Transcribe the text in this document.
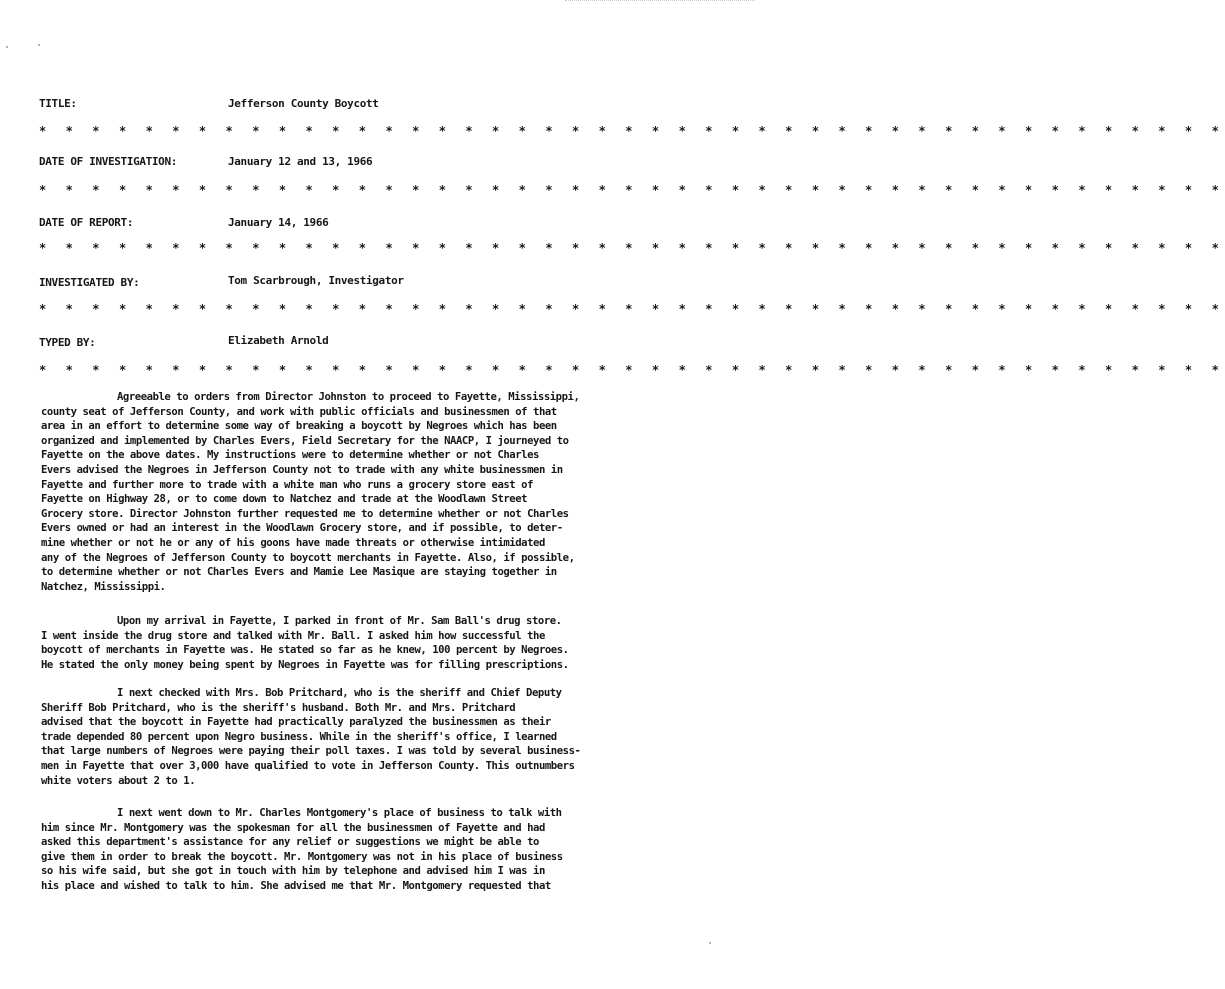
TITLE:	Jefferson County Boycott
* * * * * * * * * * * * * * * * * * * * * * * * * * * * * * * * * * * * * * * * * * * * *
DATE OF INVESTIGATION:	January 12 and 13, 1966
* * * * * * * * * * * * * * * * * * * * * * * * * * * * * * * * * * * * * * * * * * * * *
DATE OF REPORT:	January 14, 1966
* * * * * * * * * * * * * * * * * * * * * * * * * * * * * * * * * * * * * * * * * * * * *
INVESTIGATED BY:	Tom Scarbrough, Investigator
* * * * * * * * * * * * * * * * * * * * * * * * * * * * * * * * * * * * * * * * * * * * *
TYPED BY:	Elizabeth Arnold
* * * * * * * * * * * * * * * * * * * * * * * * * * * * * * * * * * * * * * * * * * * * *
Agreeable to orders from Director Johnston to proceed to Fayette, Mississippi,
county seat of Jefferson County, and work with public officials and businessmen of that
area in an effort to determine some way of breaking a boycott by Negroes which has been
organized and implemented by Charles Evers, Field Secretary for the NAACP, I journeyed to
Fayette on the above dates. My instructions were to determine whether or not Charles
Evers advised the Negroes in Jefferson County not to trade with any white businessmen in
Fayette and further more to trade with a white man who runs a grocery store east of
Fayette on Highway 28, or to come down to Natchez and trade at the Woodlawn Street
Grocery store. Director Johnston further requested me to determine whether or not Charles
Evers owned or had an interest in the Woodlawn Grocery store, and if possible, to deter-
mine whether or not he or any of his goons have made threats or otherwise intimidated
any of the Negroes of Jefferson County to boycott merchants in Fayette. Also, if possible,
to determine whether or not Charles Evers and Mamie Lee Masique are staying together in
Natchez, Mississippi.
Upon my arrival in Fayette, I parked in front of Mr. Sam Ball's drug store.
I went inside the drug store and talked with Mr. Ball. I asked him how successful the
boycott of merchants in Fayette was. He stated so far as he knew, 100 percent by Negroes.
He stated the only money being spent by Negroes in Fayette was for filling prescriptions.
I next checked with Mrs. Bob Pritchard, who is the sheriff and Chief Deputy
Sheriff Bob Pritchard, who is the sheriff's husband. Both Mr. and Mrs. Pritchard
advised that the boycott in Fayette had practically paralyzed the businessmen as their
trade depended 80 percent upon Negro business. While in the sheriff's office, I learned
that large numbers of Negroes were paying their poll taxes. I was told by several business-
men in Fayette that over 3,000 have qualified to vote in Jefferson County. This outnumbers
white voters about 2 to 1.
I next went down to Mr. Charles Montgomery's place of business to talk with
him since Mr. Montgomery was the spokesman for all the businessmen of Fayette and had
asked this department's assistance for any relief or suggestions we might be able to
give them in order to break the boycott. Mr. Montgomery was not in his place of business
so his wife said, but she got in touch with him by telephone and advised him I was in
his place and wished to talk to him. She advised me that Mr. Montgomery requested that
